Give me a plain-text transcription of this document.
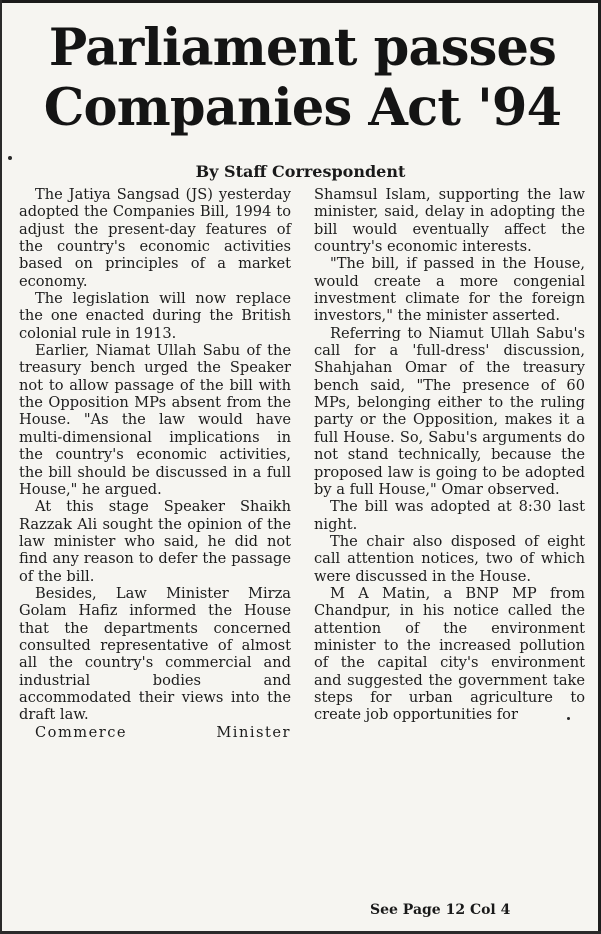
Parliament passes
Companies Act '94
By Staff Correspondent

The Jatiya Sangsad (JS) yesterday adopted the Companies Bill, 1994 to adjust the present-day features of the country's economic activities based on principles of a market economy.

The legislation will now replace the one enacted during the British colonial rule in 1913.

Earlier, Niamat Ullah Sabu of the treasury bench urged the Speaker not to allow passage of the bill with the Opposition MPs absent from the House. "As the law would have multi-dimensional implications in the country's economic activities, the bill should be discussed in a full House," he argued.

At this stage Speaker Shaikh Razzak Ali sought the opinion of the law minister who said, he did not find any reason to defer the passage of the bill.

Besides, Law Minister Mirza Golam Hafiz informed the House that the departments concerned consulted representative of almost all the country's commercial and industrial bodies and accommodated their views into the draft law.

Commerce Minister

Shamsul Islam, supporting the law minister, said, delay in adopting the bill would eventually affect the country's economic interests.

"The bill, if passed in the House, would create a more congenial investment climate for the foreign investors," the minister asserted.

Referring to Niamut Ullah Sabu's call for a 'full-dress' discussion, Shahjahan Omar of the treasury bench said, "The presence of 60 MPs, belonging either to the ruling party or the Opposition, makes it a full House. So, Sabu's arguments do not stand technically, because the proposed law is going to be adopted by a full House," Omar observed.

The bill was adopted at 8:30 last night.

The chair also disposed of eight call attention notices, two of which were discussed in the House.

M A Matin, a BNP MP from Chandpur, in his notice called the attention of the environment minister to the increased pollution of the capital city's environment and suggested the government take steps for urban agriculture to create job opportunities for

See Page 12 Col 4
